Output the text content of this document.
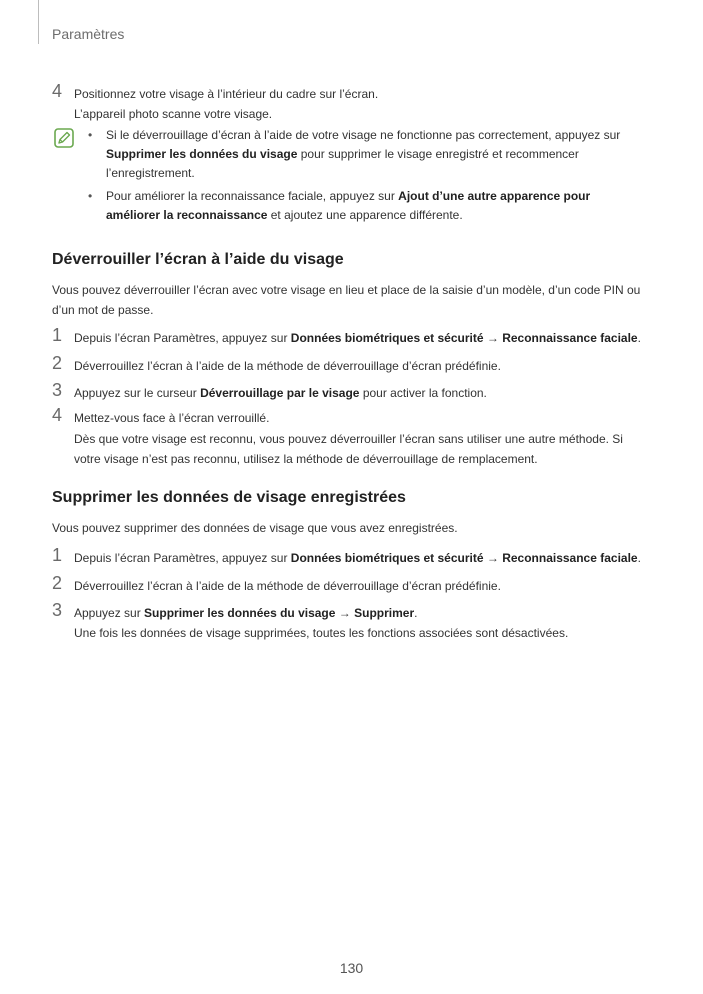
Paramètres
4 Positionnez votre visage à l’intérieur du cadre sur l’écran.
L’appareil photo scanne votre visage.
• Si le déverrouillage d’écran à l’aide de votre visage ne fonctionne pas correctement, appuyez sur Supprimer les données du visage pour supprimer le visage enregistré et recommencer l’enregistrement.
• Pour améliorer la reconnaissance faciale, appuyez sur Ajout d’une autre apparence pour améliorer la reconnaissance et ajoutez une apparence différente.
Déverrouiller l’écran à l’aide du visage
Vous pouvez déverrouiller l’écran avec votre visage en lieu et place de la saisie d’un modèle, d’un code PIN ou d’un mot de passe.
1 Depuis l’écran Paramètres, appuyez sur Données biométriques et sécurité → Reconnaissance faciale.
2 Déverrouillez l’écran à l’aide de la méthode de déverrouillage d’écran prédéfinie.
3 Appuyez sur le curseur Déverrouillage par le visage pour activer la fonction.
4 Mettez-vous face à l’écran verrouillé.
Dès que votre visage est reconnu, vous pouvez déverrouiller l’écran sans utiliser une autre méthode. Si votre visage n’est pas reconnu, utilisez la méthode de déverrouillage de remplacement.
Supprimer les données de visage enregistrées
Vous pouvez supprimer des données de visage que vous avez enregistrées.
1 Depuis l’écran Paramètres, appuyez sur Données biométriques et sécurité → Reconnaissance faciale.
2 Déverrouillez l’écran à l’aide de la méthode de déverrouillage d’écran prédéfinie.
3 Appuyez sur Supprimer les données du visage → Supprimer.
Une fois les données de visage supprimées, toutes les fonctions associées sont désactivées.
130
